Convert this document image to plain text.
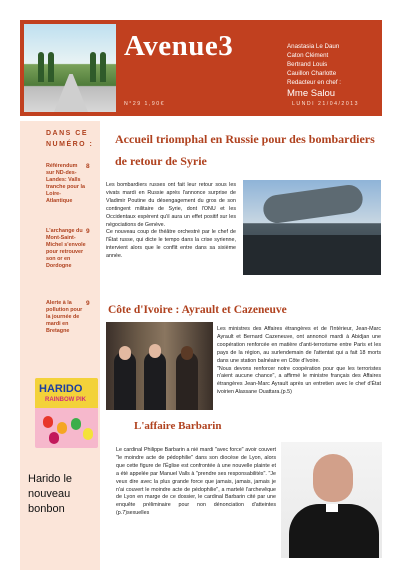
Avenue3	Anastasia Le Daun
Caton Clément
Bertrand Louis
Cauillon Charlotte
Redacteur en chef :
Mme Salou
N°29 1,90€	LUNDI 21/04/2013
DANS CE NUMÉRO :
Référendum sur ND-des-Landes: Valls tranche pour la Loire-Atlantique
8
L'archange du Mont-Saint-Michel s'envole pour retrouver son or en Dordogne
9
Alerte à la pollution pour la journée de mardi en Bretagne
9
HARIDO
RAINBOW PIK
Harido le nouveau bonbon
Accueil triomphal en Russie pour des bombardiers de retour de Syrie
Les bombardiers russes ont fait leur retour sous les vivats mardi en Russie après l'annonce surprise de Vladimir Poutine du désengagement du gros de son contingent militaire de Syrie, dont l'ONU et les Occidentaux espèrent qu'il aura un effet positif sur les négociations de Genève.
Ce nouveau coup de théâtre orchestré par le chef de l'État russe, qui dicte le tempo dans la crise syrienne, intervient alors que le conflit entre dans sa sixième année.
Côte d'Ivoire : Ayrault et Cazeneuve
Les ministres des Affaires étrangères et de l'Intérieur, Jean-Marc Ayrault et Bernard Cazeneuve, ont annoncé mardi à Abidjan une coopération renforcée en matière d'anti-terrorisme entre Paris et les pays de la région, au surlendemain de l'attentat qui a fait 18 morts dans une station balnéaire en Côte d'Ivoire.
"Nous devons renforcer notre coopération pour que les terroristes n'aient aucune chance", a affirmé le ministre français des Affaires étrangères Jean-Marc Ayrault après un entretien avec le chef d'État ivoirien Alassane Ouattara.(p.5)
L'affaire Barbarin
Le cardinal Philippe Barbarin a nié mardi "avec force" avoir couvert "le moindre acte de pédophilie" dans son diocèse de Lyon, alors que cette figure de l'Église est confrontée à une nouvelle plainte et a été appelée par Manuel Valls à "prendre ses responsabilités". "Je veux dire avec la plus grande force que jamais, jamais, jamais je n'ai couvert le moindre acte de pédophilie", a martelé l'archevêque de Lyon en marge de ce dossier, le cardinal Barbarin cité par une enquête préliminaire pour non dénonciation d'atteintes (p.7)sexuelles
